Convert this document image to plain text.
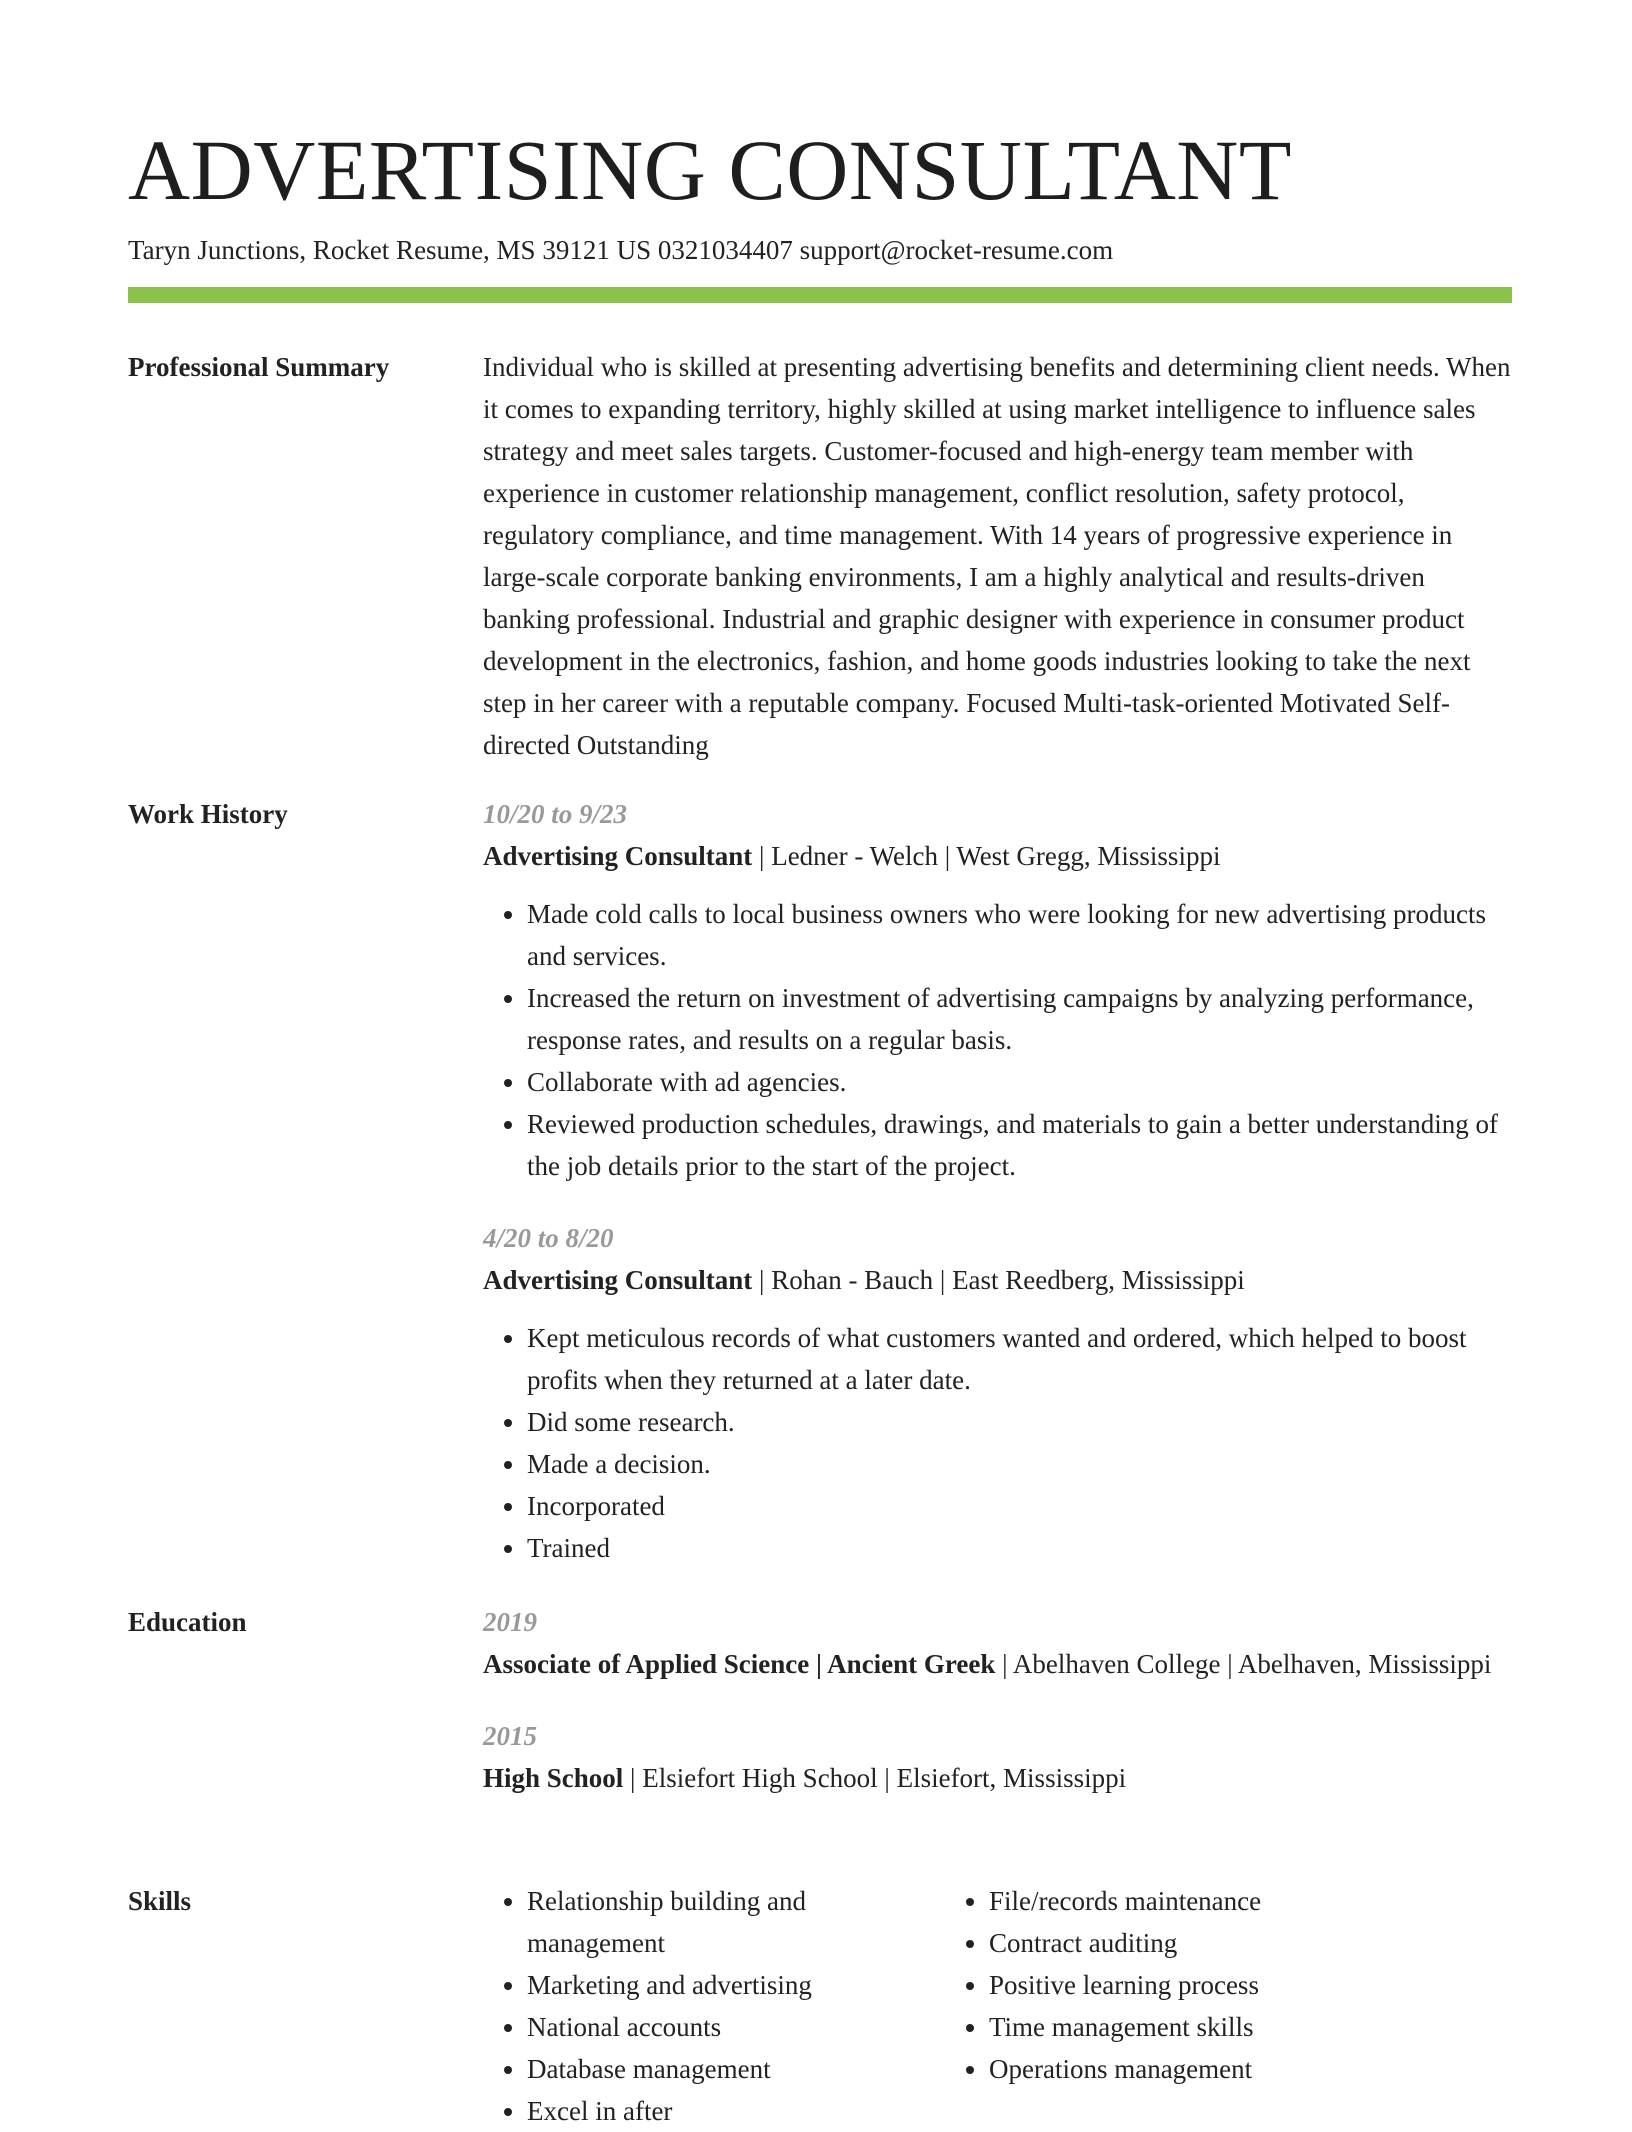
ADVERTISING CONSULTANT
Taryn Junctions, Rocket Resume, MS 39121 US 0321034407 support@rocket-resume.com
Professional Summary	Individual who is skilled at presenting advertising benefits and determining client needs. When it comes to expanding territory, highly skilled at using market intelligence to influence sales strategy and meet sales targets. Customer-focused and high-energy team member with experience in customer relationship management, conflict resolution, safety protocol, regulatory compliance, and time management. With 14 years of progressive experience in large-scale corporate banking environments, I am a highly analytical and results-driven banking professional. Industrial and graphic designer with experience in consumer product development in the electronics, fashion, and home goods industries looking to take the next step in her career with a reputable company. Focused Multi-task-oriented Motivated Self-directed Outstanding

Work History	10/20 to 9/23

Advertising Consultant | Ledner - Welch | West Gregg, Mississippi

• Made cold calls to local business owners who were looking for new advertising products and services.
• Increased the return on investment of advertising campaigns by analyzing performance, response rates, and results on a regular basis.
• Collaborate with ad agencies.
• Reviewed production schedules, drawings, and materials to gain a better understanding of the job details prior to the start of the project.

4/20 to 8/20

Advertising Consultant | Rohan - Bauch | East Reedberg, Mississippi

• Kept meticulous records of what customers wanted and ordered, which helped to boost profits when they returned at a later date.
• Did some research.
• Made a decision.
• Incorporated
• Trained
Education	2019

Associate of Applied Science | Ancient Greek | Abelhaven College | Abelhaven, Mississippi

2015

High School | Elsiefort High School | Elsiefort, Mississippi

Skills
•	Relationship building and management
• Marketing and advertising
• National accounts
• Database management
• Excel in after
• File/records maintenance
• Contract auditing
• Positive learning process
• Time management skills
• Operations management
